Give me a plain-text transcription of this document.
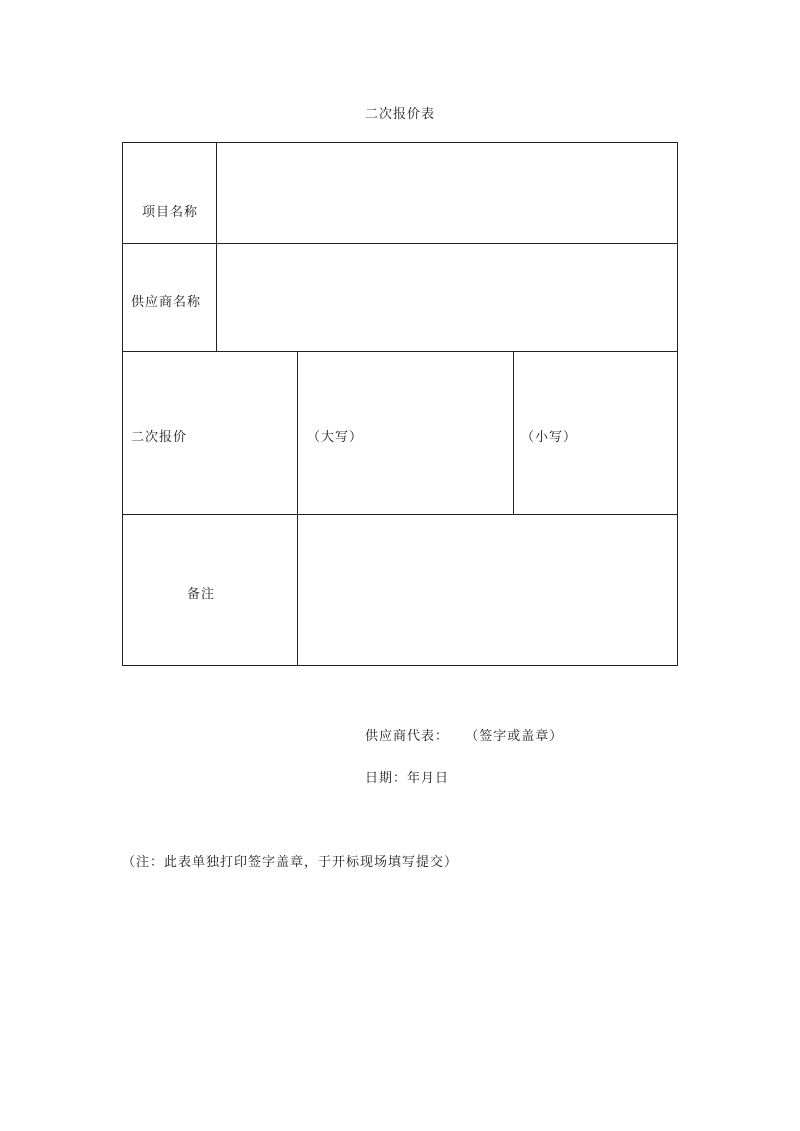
二次报价表
项目名称
供应商名称
二次报价	（大写）	（小写）
备注
供应商代表： （签字或盖章）
日期：年月日
（注：此表单独打印签字盖章，于开标现场填写提交）
